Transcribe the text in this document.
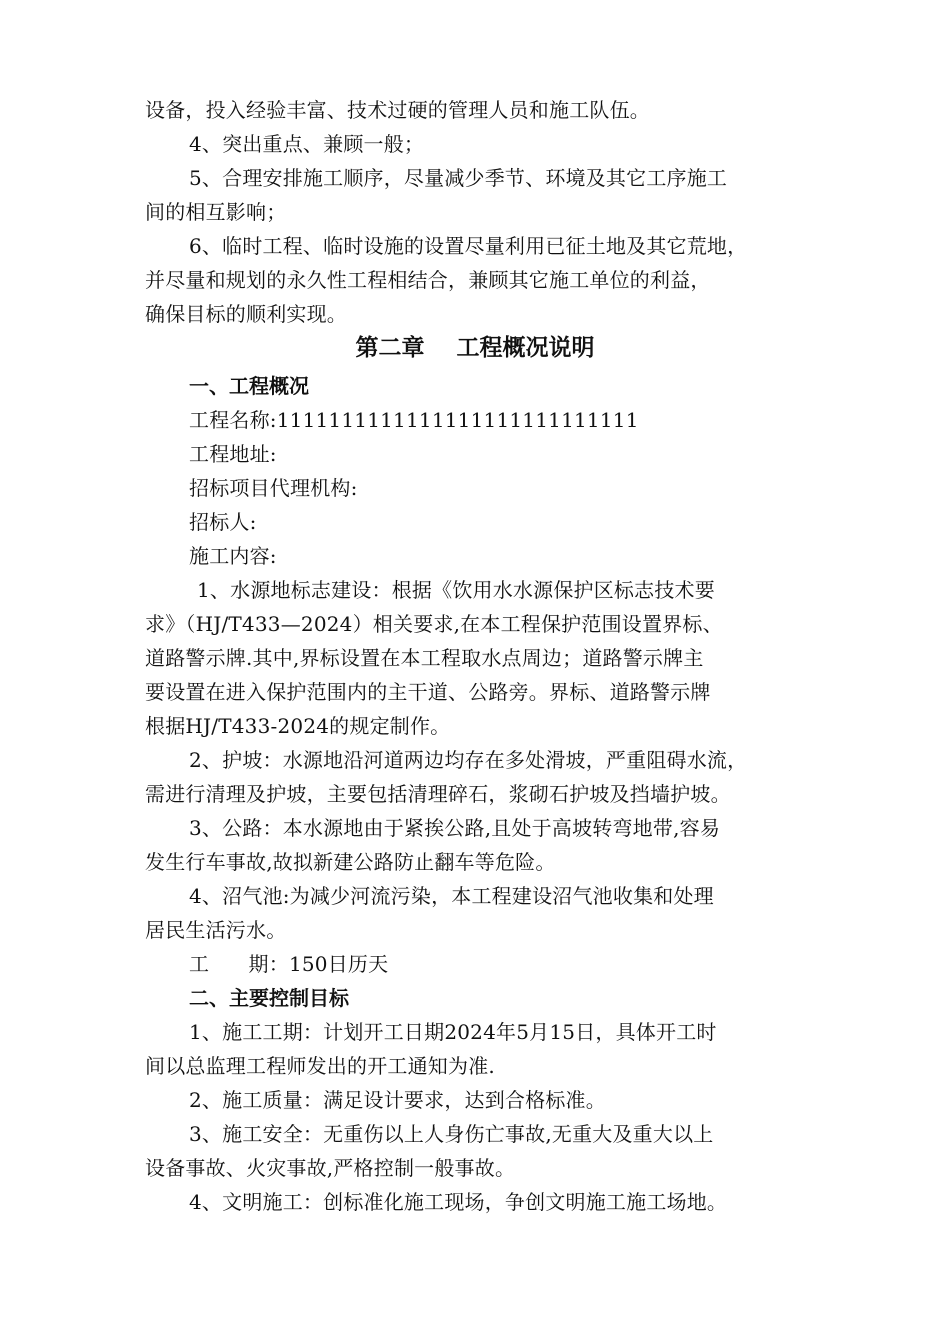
设备，投入经验丰富、技术过硬的管理人员和施工队伍。
4、突出重点、兼顾一般；
5、合理安排施工顺序，尽量减少季节、环境及其它工序施工
间的相互影响；
6、临时工程、临时设施的设置尽量利用已征土地及其它荒地，
并尽量和规划的永久性工程相结合，兼顾其它施工单位的利益，
确保目标的顺利实现。
第二章    工程概况说明
一、工程概况
工程名称:1111111111111111111111111111
工程地址:
招标项目代理机构:
招标人:
施工内容:
1、水源地标志建设：根据《饮用水水源保护区标志技术要
求》（HJ/T433—2024）相关要求,在本工程保护范围设置界标、
道路警示牌.其中,界标设置在本工程取水点周边；道路警示牌主
要设置在进入保护范围内的主干道、公路旁。界标、道路警示牌
根据HJ/T433-2024的规定制作。
2、护坡：水源地沿河道两边均存在多处滑坡，严重阻碍水流，
需进行清理及护坡，主要包括清理碎石，浆砌石护坡及挡墙护坡。
3、公路：本水源地由于紧挨公路,且处于高坡转弯地带,容易
发生行车事故,故拟新建公路防止翻车等危险。
4、沼气池:为减少河流污染，本工程建设沼气池收集和处理
居民生活污水。
工      期：150日历天
二、主要控制目标
1、施工工期：计划开工日期2024年5月15日，具体开工时
间以总监理工程师发出的开工通知为准.
2、施工质量：满足设计要求，达到合格标准。
3、施工安全：无重伤以上人身伤亡事故,无重大及重大以上
设备事故、火灾事故,严格控制一般事故。
4、文明施工：创标准化施工现场，争创文明施工施工场地。
